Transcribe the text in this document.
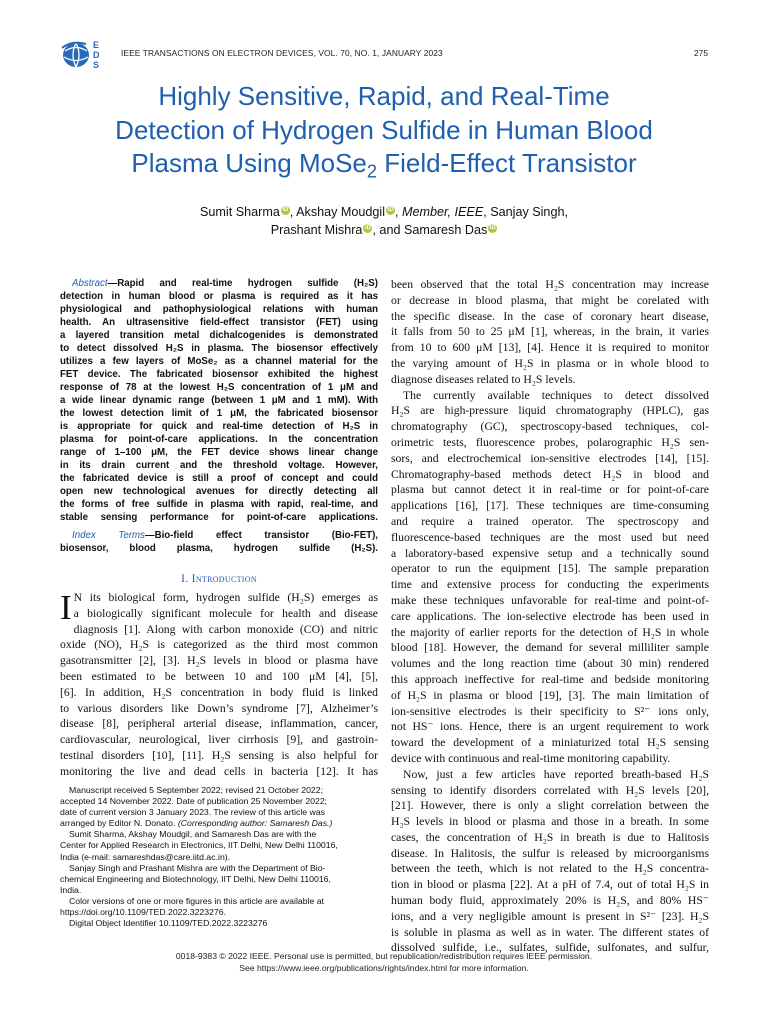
E
D
S
IEEE TRANSACTIONS ON ELECTRON DEVICES, VOL. 70, NO. 1, JANUARY 2023	275
Highly Sensitive, Rapid, and Real-Time
Detection of Hydrogen Sulfide in Human Blood
Plasma Using MoSe$_2$ Field-Effect Transistor
Sumit Sharma iD , Akshay Moudgil iD , Member, IEEE, Sanjay Singh,
Prashant Mishra iD , and Samaresh Das iD
Abstract—Rapid and real-time hydrogen sulfide (H₂S)
detection in human blood or plasma is required as it has
physiological and pathophysiological relations with human
health. An ultrasensitive field-effect transistor (FET) using
a layered transition metal dichalcogenides is demonstrated
to detect dissolved H₂S in plasma. The biosensor effectively
utilizes a few layers of MoSe₂ as a channel material for the
FET device. The fabricated biosensor exhibited the highest
response of 78 at the lowest H₂S concentration of 1 μM and
a wide linear dynamic range (between 1 μM and 1 mM). With
the lowest detection limit of 1 μM, the fabricated biosensor
is appropriate for quick and real-time detection of H₂S in
plasma for point-of-care applications. In the concentration
range of 1–100 μM, the FET device shows linear change
in its drain current and the threshold voltage. However,
the fabricated device is still a proof of concept and could
open new technological avenues for directly detecting all
the forms of free sulfide in plasma with rapid, real-time, and
stable sensing performance for point-of-care applications.
Index Terms—Bio-field effect transistor (Bio-FET),
biosensor, blood plasma, hydrogen sulfide (H₂S).
I. Introduction
I N its biological form, hydrogen sulfide (H₂S) emerges as
a biologically significant molecule for health and disease
diagnosis [1]. Along with carbon monoxide (CO) and nitric
oxide (NO), H₂S is categorized as the third most common
gasotransmitter [2], [3]. H₂S levels in blood or plasma have
been estimated to be between 10 and 100 μM [4], [5],
[6]. In addition, H₂S concentration in body fluid is linked
to various disorders like Down’s syndrome [7], Alzheimer’s
disease [8], peripheral arterial disease, inflammation, cancer,
cardiovascular, neurological, liver cirrhosis [9], and gastroin-
testinal disorders [10], [11]. H₂S sensing is also helpful for
monitoring the live and dead cells in bacteria [12]. It has
Manuscript received 5 September 2022; revised 21 October 2022;
accepted 14 November 2022. Date of publication 25 November 2022;
date of current version 3 January 2023. The review of this article was
arranged by Editor N. Donato. (Corresponding author: Samaresh Das.)
Sumit Sharma, Akshay Moudgil, and Samaresh Das are with the
Center for Applied Research in Electronics, IIT Delhi, New Delhi 110016,
India (e-mail: samareshdas@care.iitd.ac.in).
Sanjay Singh and Prashant Mishra are with the Department of Bio-
chemical Engineering and Biotechnology, IIT Delhi, New Delhi 110016,
India.
Color versions of one or more figures in this article are available at
https://doi.org/10.1109/TED.2022.3223276.
Digital Object Identifier 10.1109/TED.2022.3223276
been observed that the total H₂S concentration may increase
or decrease in blood plasma, that might be corelated with
the specific disease. In the case of coronary heart disease,
it falls from 50 to 25 μM [1], whereas, in the brain, it varies
from 10 to 600 μM [13], [4]. Hence it is required to monitor
the varying amount of H₂S in plasma or in whole blood to
diagnose diseases related to H₂S levels.
The currently available techniques to detect dissolved
H₂S are high-pressure liquid chromatography (HPLC), gas
chromatography (GC), spectroscopy-based techniques, col-
orimetric tests, fluorescence probes, polarographic H₂S sen-
sors, and electrochemical ion-sensitive electrodes [14], [15].
Chromatography-based methods detect H₂S in blood and
plasma but cannot detect it in real-time or for point-of-care
applications [16], [17]. These techniques are time-consuming
and require a trained operator. The spectroscopy and
fluorescence-based techniques are the most used but need
a laboratory-based expensive setup and a technically sound
operator to run the equipment [15]. The sample preparation
time and extensive process for conducting the experiments
make these techniques unfavorable for real-time and point-of-
care applications. The ion-selective electrode has been used in
the majority of earlier reports for the detection of H₂S in whole
blood [18]. However, the demand for several milliliter sample
volumes and the long reaction time (about 30 min) rendered
this approach ineffective for real-time and bedside monitoring
of H₂S in plasma or blood [19], [3]. The main limitation of
ion-sensitive electrodes is their specificity to S²⁻ ions only,
not HS⁻ ions. Hence, there is an urgent requirement to work
toward the development of a miniaturized total H₂S sensing
device with continuous and real-time monitoring capability.
Now, just a few articles have reported breath-based H₂S
sensing to identify disorders correlated with H₂S levels [20],
[21]. However, there is only a slight correlation between the
H₂S levels in blood or plasma and those in a breath. In some
cases, the concentration of H₂S in breath is due to Halitosis
disease. In Halitosis, the sulfur is released by microorganisms
between the teeth, which is not related to the H₂S concentra-
tion in blood or plasma [22]. At a pH of 7.4, out of total H₂S in
human body fluid, approximately 20% is H₂S, and 80% HS⁻
ions, and a very negligible amount is present in S²⁻ [23]. H₂S
is soluble in plasma as well as in water. The different states of
dissolved sulfide, i.e., sulfates, sulfide, sulfonates, and sulfur,
0018-9383 © 2022 IEEE. Personal use is permitted, but republication/redistribution requires IEEE permission.
See https://www.ieee.org/publications/rights/index.html for more information.
